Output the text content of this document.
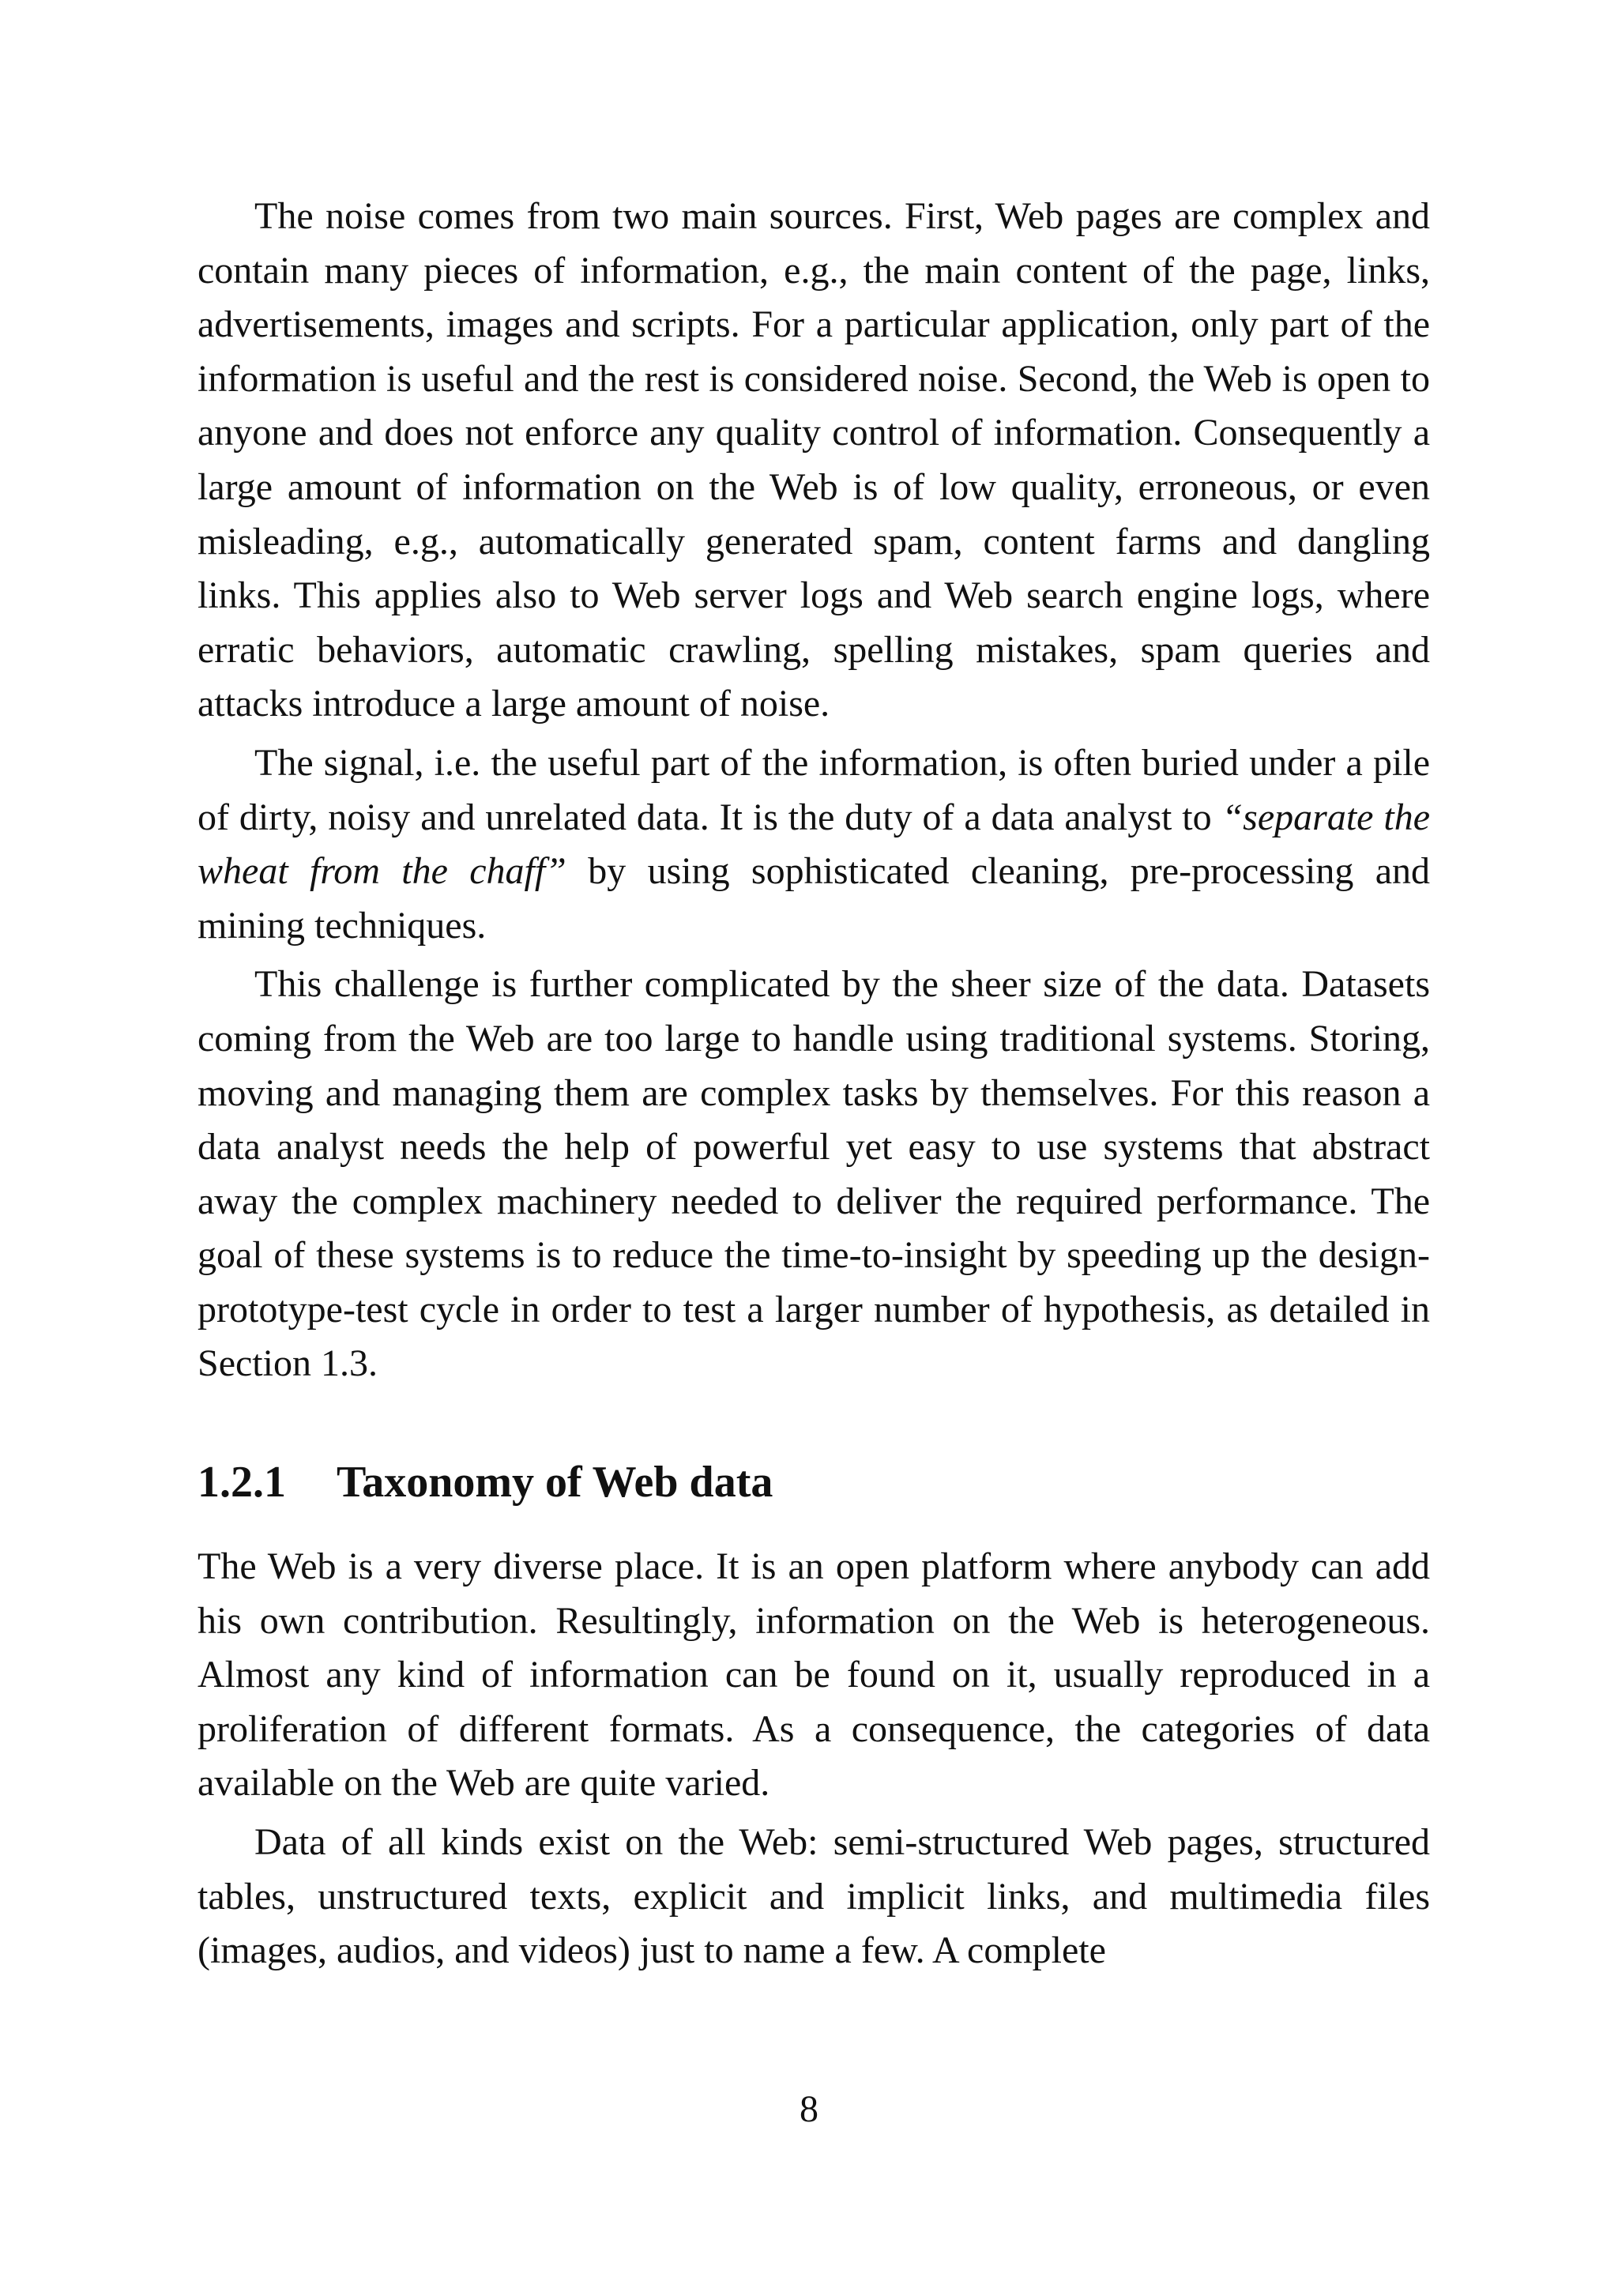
The noise comes from two main sources. First, Web pages are complex and contain many pieces of information, e.g., the main content of the page, links, advertisements, images and scripts. For a particular application, only part of the information is useful and the rest is considered noise. Second, the Web is open to anyone and does not enforce any quality control of information. Consequently a large amount of information on the Web is of low quality, erroneous, or even misleading, e.g., automatically generated spam, content farms and dangling links. This applies also to Web server logs and Web search engine logs, where erratic behaviors, automatic crawling, spelling mistakes, spam queries and attacks introduce a large amount of noise.

The signal, i.e. the useful part of the information, is often buried under a pile of dirty, noisy and unrelated data. It is the duty of a data analyst to “separate the wheat from the chaff” by using sophisticated cleaning, pre-processing and mining techniques.

This challenge is further complicated by the sheer size of the data. Datasets coming from the Web are too large to handle using traditional systems. Storing, moving and managing them are complex tasks by themselves. For this reason a data analyst needs the help of powerful yet easy to use systems that abstract away the complex machinery needed to deliver the required performance. The goal of these systems is to reduce the time-to-insight by speeding up the design-prototype-test cycle in order to test a larger number of hypothesis, as detailed in Section 1.3.

1.2.1	Taxonomy of Web data

The Web is a very diverse place. It is an open platform where anybody can add his own contribution. Resultingly, information on the Web is heterogeneous. Almost any kind of information can be found on it, usually reproduced in a proliferation of different formats. As a consequence, the categories of data available on the Web are quite varied.

Data of all kinds exist on the Web: semi-structured Web pages, structured tables, unstructured texts, explicit and implicit links, and multimedia files (images, audios, and videos) just to name a few. A complete

8
